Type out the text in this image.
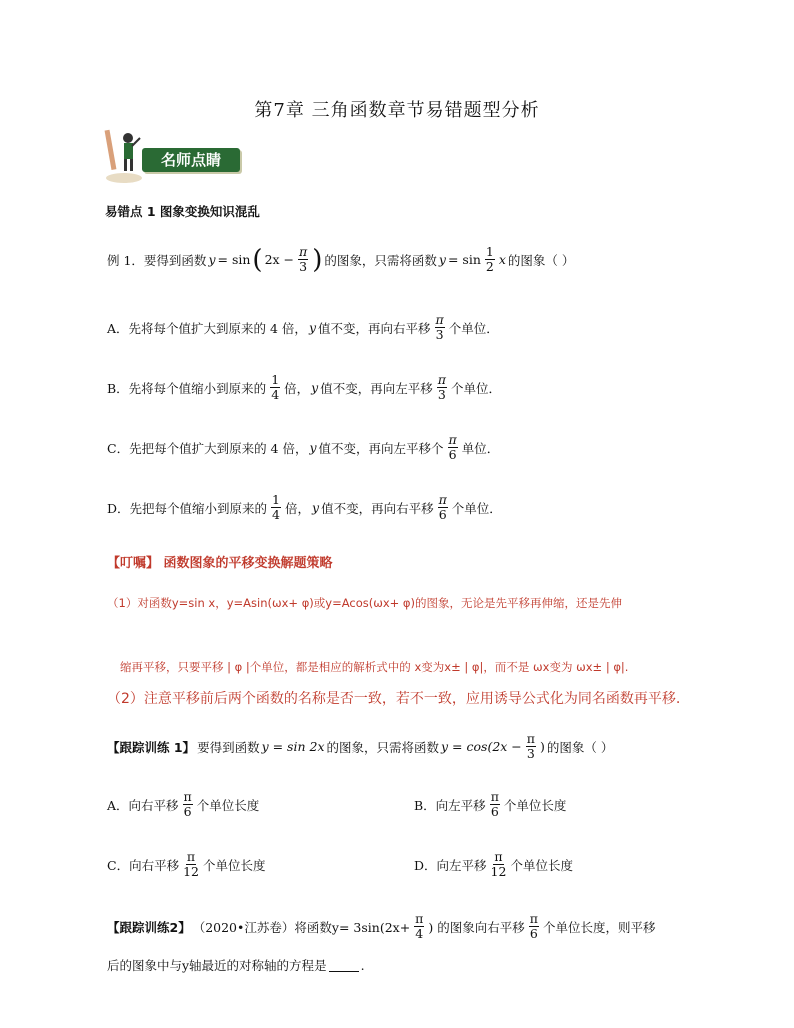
第7章 三角函数章节易错题型分析
名师点睛
易错点 1 图象变换知识混乱
例 1．要得到函数 y = sin ( $2x - \frac{\pi}{3}$ ) 的图象，只需将函数 $y = \sin \frac{1}{2}$ x 的图象（ ）
A．先将每个值扩大到原来的 4 倍， y 值不变，再向右平移 $\frac{\pi}{3}$ 个单位．
B．先将每个值缩小到原来的 $\frac{1}{4}$ 倍， y 值不变，再向左平移 $\frac{\pi}{3}$ 个单位．
C．先把每个值扩大到原来的 4 倍， y 值不变，再向左平移个 $\frac{\pi}{6}$ 单位．
D．先把每个值缩小到原来的 $\frac{1}{4}$ 倍， y 值不变，再向右平移 $\frac{\pi}{6}$ 个单位．
【叮嘱】 函数图象的平移变换解题策略
（1）对函数y=sin x，y=Asin(ωx+ φ)或y=Acos(ωx+ φ)的图象，无论是先平移再伸缩，还是先伸
缩再平移，只要平移 | φ |个单位，都是相应的解析式中的 x变为x± | φ|，而不是 ωx变为 ωx± | φ|.
（2）注意平移前后两个函数的名称是否一致，若不一致，应用诱导公式化为同名函数再平移.
【跟踪训练 1】 要得到函数 y = sin 2x 的图象，只需将函数 $y = \cos(2x - \frac{\pi}{3}$ ) 的图象（ ）
A．向右平移 $\frac{\pi}{6}$ 个单位长度	B．向左平移 $\frac{\pi}{6}$ 个单位长度
C．向右平移 $\frac{\pi}{12}$ 个单位长度	D．向左平移 $\frac{\pi}{12}$ 个单位长度
【跟踪训练2】 （2020•江苏卷）将函数$y= 3\sin(2x+ \frac{\pi}{4}$ ) 的图象向右平移 $\frac{\pi}{6}$ 个单位长度，则平移
后的图象中与y轴最近的对称轴的方程是	.
